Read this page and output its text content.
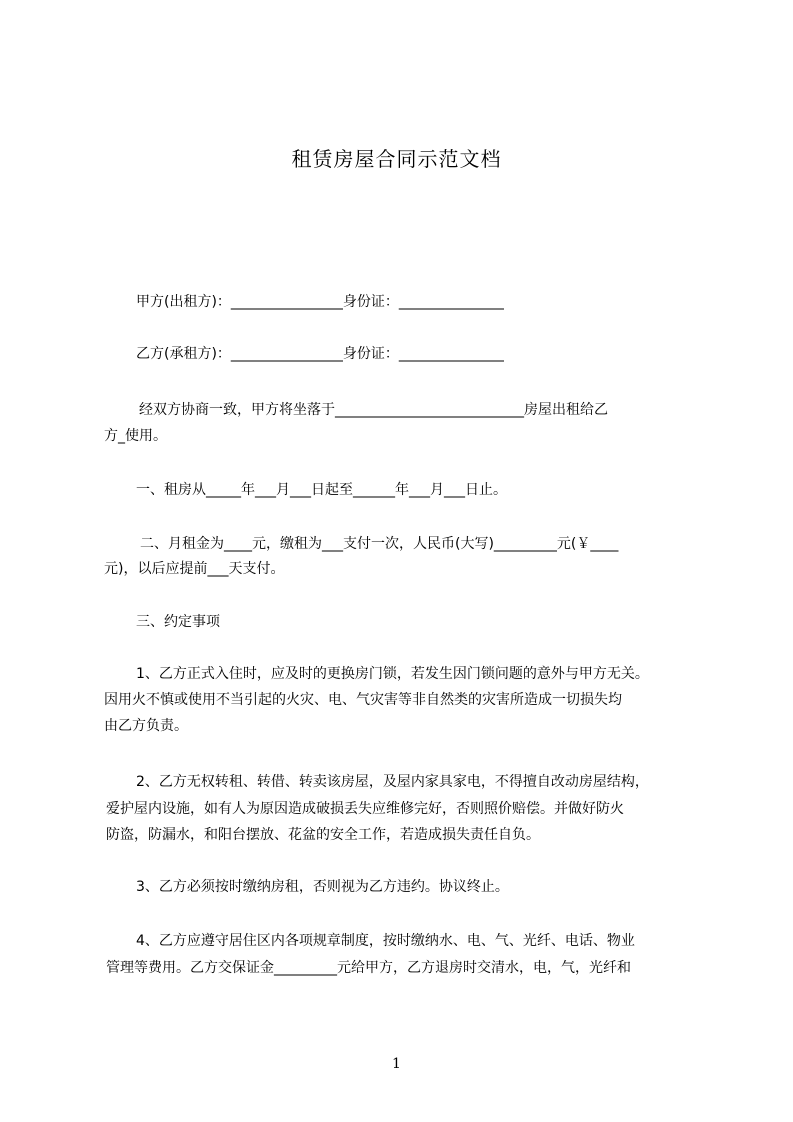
租赁房屋合同示范文档
甲方(出租方)：________________身份证：_______________
乙方(承租方)：________________身份证：_______________
经双方协商一致，甲方将坐落于___________________________房屋出租给乙
方_使用。
一、租房从_____年___月___日起至______年___月___日止。
二、月租金为____元，缴租为___支付一次，人民币(大写)_________元(￥____
元)，以后应提前___天支付。
三、约定事项
1、乙方正式入住时，应及时的更换房门锁，若发生因门锁问题的意外与甲方无关。
因用火不慎或使用不当引起的火灾、电、气灾害等非自然类的灾害所造成一切损失均
由乙方负责。
2、乙方无权转租、转借、转卖该房屋，及屋内家具家电，不得擅自改动房屋结构，
爱护屋内设施，如有人为原因造成破损丢失应维修完好，否则照价赔偿。并做好防火
防盗，防漏水，和阳台摆放、花盆的安全工作，若造成损失责任自负。
3、乙方必须按时缴纳房租，否则视为乙方违约。协议终止。
4、乙方应遵守居住区内各项规章制度，按时缴纳水、电、气、光纤、电话、物业
管理等费用。乙方交保证金_________元给甲方，乙方退房时交清水，电，气，光纤和
1
